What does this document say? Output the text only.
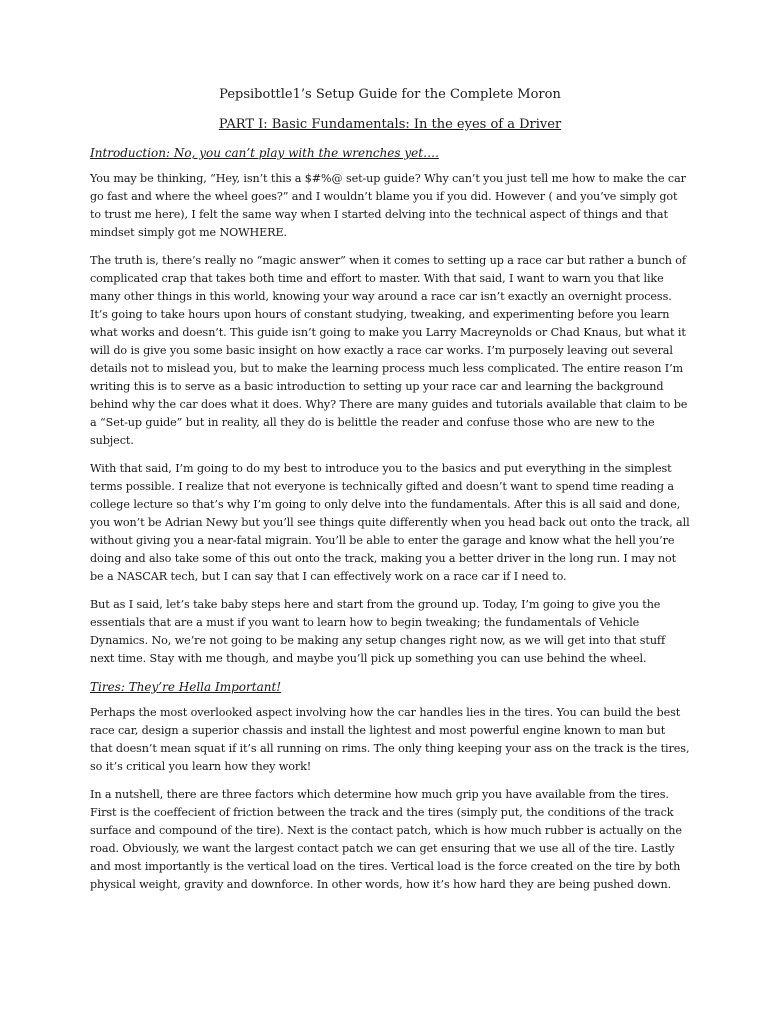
Pepsibottle1’s Setup Guide for the Complete Moron
PART I: Basic Fundamentals: In the eyes of a Driver
Introduction: No, you can’t play with the wrenches yet….

You may be thinking, “Hey, isn’t this a $#%@ set-up guide? Why can’t you just tell me how to make the car go fast and where the wheel goes?” and I wouldn’t blame you if you did. However ( and you’ve simply got to trust me here), I felt the same way when I started delving into the technical aspect of things and that mindset simply got me NOWHERE.

The truth is, there’s really no “magic answer” when it comes to setting up a race car but rather a bunch of complicated crap that takes both time and effort to master. With that said, I want to warn you that like many other things in this world, knowing your way around a race car isn’t exactly an overnight process. It’s going to take hours upon hours of constant studying, tweaking, and experimenting before you learn what works and doesn’t. This guide isn’t going to make you Larry Macreynolds or Chad Knaus, but what it will do is give you some basic insight on how exactly a race car works. I’m purposely leaving out several details not to mislead you, but to make the learning process much less complicated. The entire reason I’m writing this is to serve as a basic introduction to setting up your race car and learning the background behind why the car does what it does. Why? There are many guides and tutorials available that claim to be a “Set-up guide” but in reality, all they do is belittle the reader and confuse those who are new to the subject.

With that said, I’m going to do my best to introduce you to the basics and put everything in the simplest terms possible. I realize that not everyone is technically gifted and doesn’t want to spend time reading a college lecture so that’s why I’m going to only delve into the fundamentals. After this is all said and done, you won’t be Adrian Newy but you’ll see things quite differently when you head back out onto the track, all without giving you a near-fatal migrain. You’ll be able to enter the garage and know what the hell you’re doing and also take some of this out onto the track, making you a better driver in the long run. I may not be a NASCAR tech, but I can say that I can effectively work on a race car if I need to.

But as I said, let’s take baby steps here and start from the ground up. Today, I’m going to give you the essentials that are a must if you want to learn how to begin tweaking; the fundamentals of Vehicle Dynamics. No, we’re not going to be making any setup changes right now, as we will get into that stuff next time. Stay with me though, and maybe you’ll pick up something you can use behind the wheel.

Tires: They’re Hella Important!

Perhaps the most overlooked aspect involving how the car handles lies in the tires. You can build the best race car, design a superior chassis and install the lightest and most powerful engine known to man but that doesn’t mean squat if it’s all running on rims. The only thing keeping your ass on the track is the tires, so it’s critical you learn how they work!

In a nutshell, there are three factors which determine how much grip you have available from the tires. First is the coeffecient of friction between the track and the tires (simply put, the conditions of the track surface and compound of the tire). Next is the contact patch, which is how much rubber is actually on the road. Obviously, we want the largest contact patch we can get ensuring that we use all of the tire. Lastly and most importantly is the vertical load on the tires. Vertical load is the force created on the tire by both physical weight, gravity and downforce. In other words, how it’s how hard they are being pushed down.
